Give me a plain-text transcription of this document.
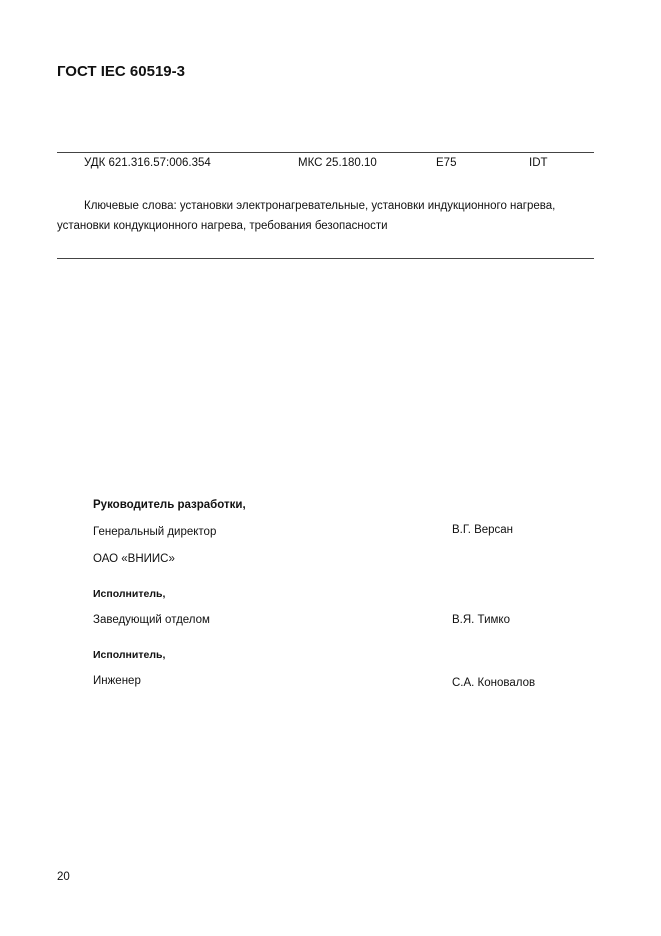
ГОСТ IEC 60519-3
УДК 621.316.57:006.354	МКС 25.180.10	E75	IDT
Ключевые слова: установки электронагревательные, установки индукционного нагрева,
установки кондукционного нагрева, требования безопасности
Руководитель разработки,
Генеральный директор	В.Г. Версан
ОАО «ВНИИС»
Исполнитель,
Заведующий отделом	В.Я. Тимко
Исполнитель,
Инженер	С.А. Коновалов
20
